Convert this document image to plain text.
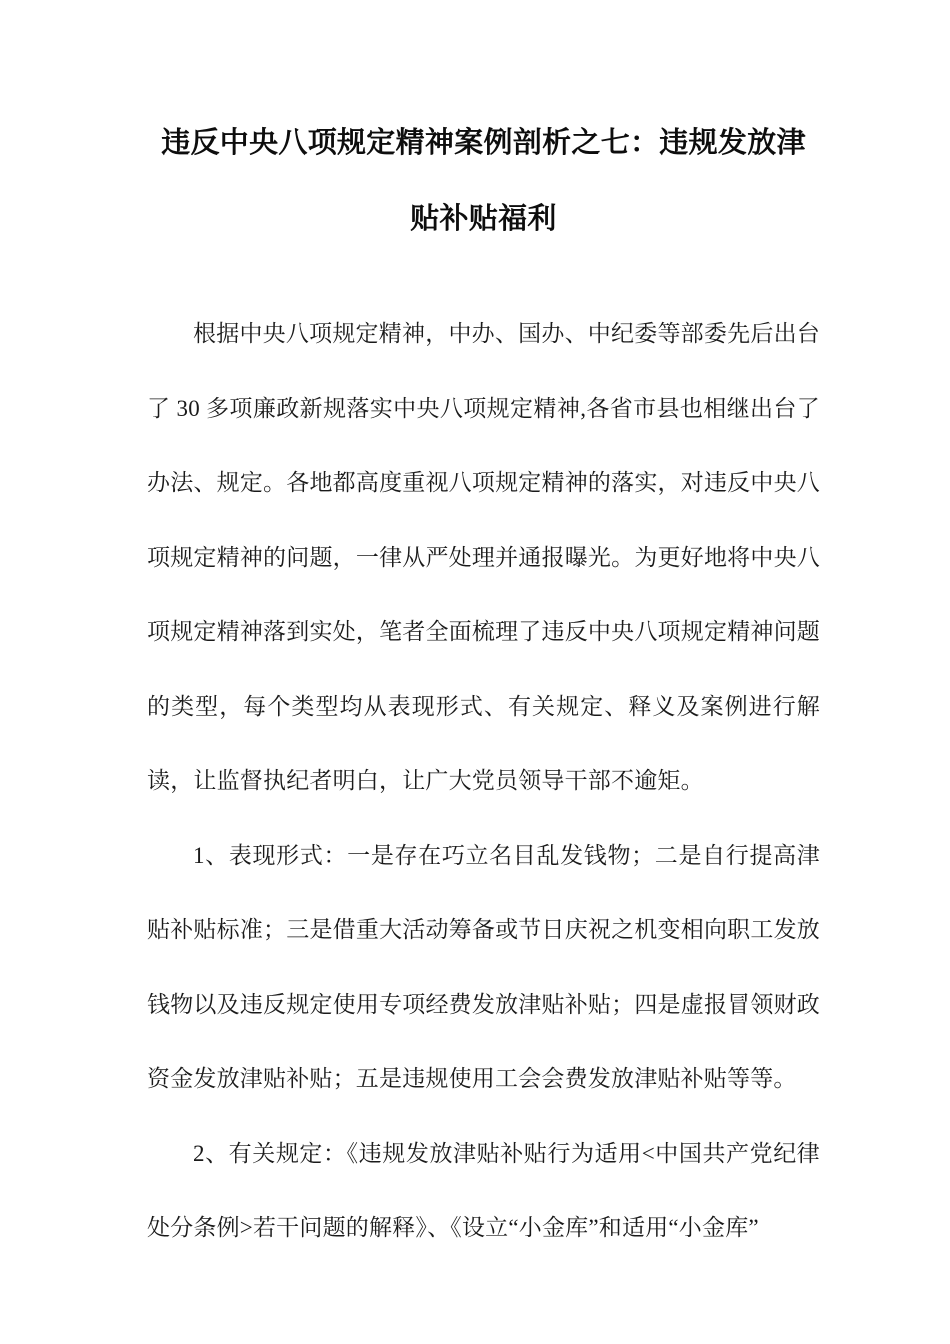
违反中央八项规定精神案例剖析之七：违规发放津贴补贴福利

根据中央八项规定精神，中办、国办、中纪委等部委先后出台了 30 多项廉政新规落实中央八项规定精神,各省市县也相继出台了办法、规定。各地都高度重视八项规定精神的落实，对违反中央八项规定精神的问题，一律从严处理并通报曝光。为更好地将中央八项规定精神落到实处，笔者全面梳理了违反中央八项规定精神问题的类型，每个类型均从表现形式、有关规定、释义及案例进行解读，让监督执纪者明白，让广大党员领导干部不逾矩。

1、表现形式：一是存在巧立名目乱发钱物；二是自行提高津贴补贴标准；三是借重大活动筹备或节日庆祝之机变相向职工发放钱物以及违反规定使用专项经费发放津贴补贴；四是虚报冒领财政资金发放津贴补贴；五是违规使用工会会费发放津贴补贴等等。

2、有关规定：《违规发放津贴补贴行为适用<中国共产党纪律处分条例>若干问题的解释》、《设立“小金库”和适用“小金库”
